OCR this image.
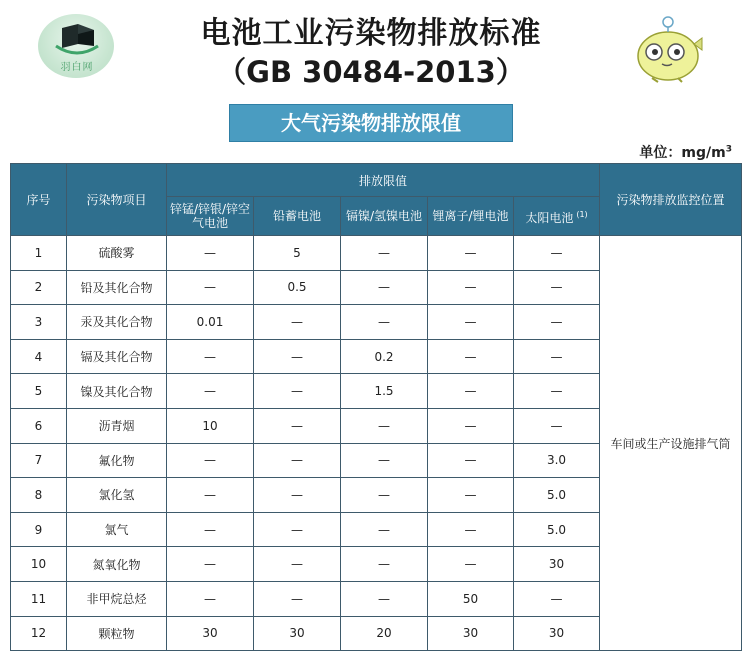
羽白网
电池工业污染物排放标准
（GB 30484-2013）
大气污染物排放限值
单位：$mg/m^3$
序号	污染物项目	排放限值					污染物排放监控位置
		锌锰/锌银/锌空气电池	铅蓄电池	镉镍/氢镍电池	锂离子/锂电池	太阳电池 $^{(1)}$
1	硫酸雾	—	5	—	—	—	车间或生产设施排气筒
2	铅及其化合物	—	0.5	—	—	—	
3	汞及其化合物	0.01	—	—	—	—	
4	镉及其化合物	—	—	0.2	—	—	
5	镍及其化合物	—	—	1.5	—	—	
6	沥青烟	10	—	—	—	—	
7	氟化物	—	—	—	—	3.0	
8	氯化氢	—	—	—	—	5.0	
9	氯气	—	—	—	—	5.0	
10	氮氧化物	—	—	—	—	30	
11	非甲烷总烃	—	—	—	50	—	
12	颗粒物	30	30	20	30	30	
